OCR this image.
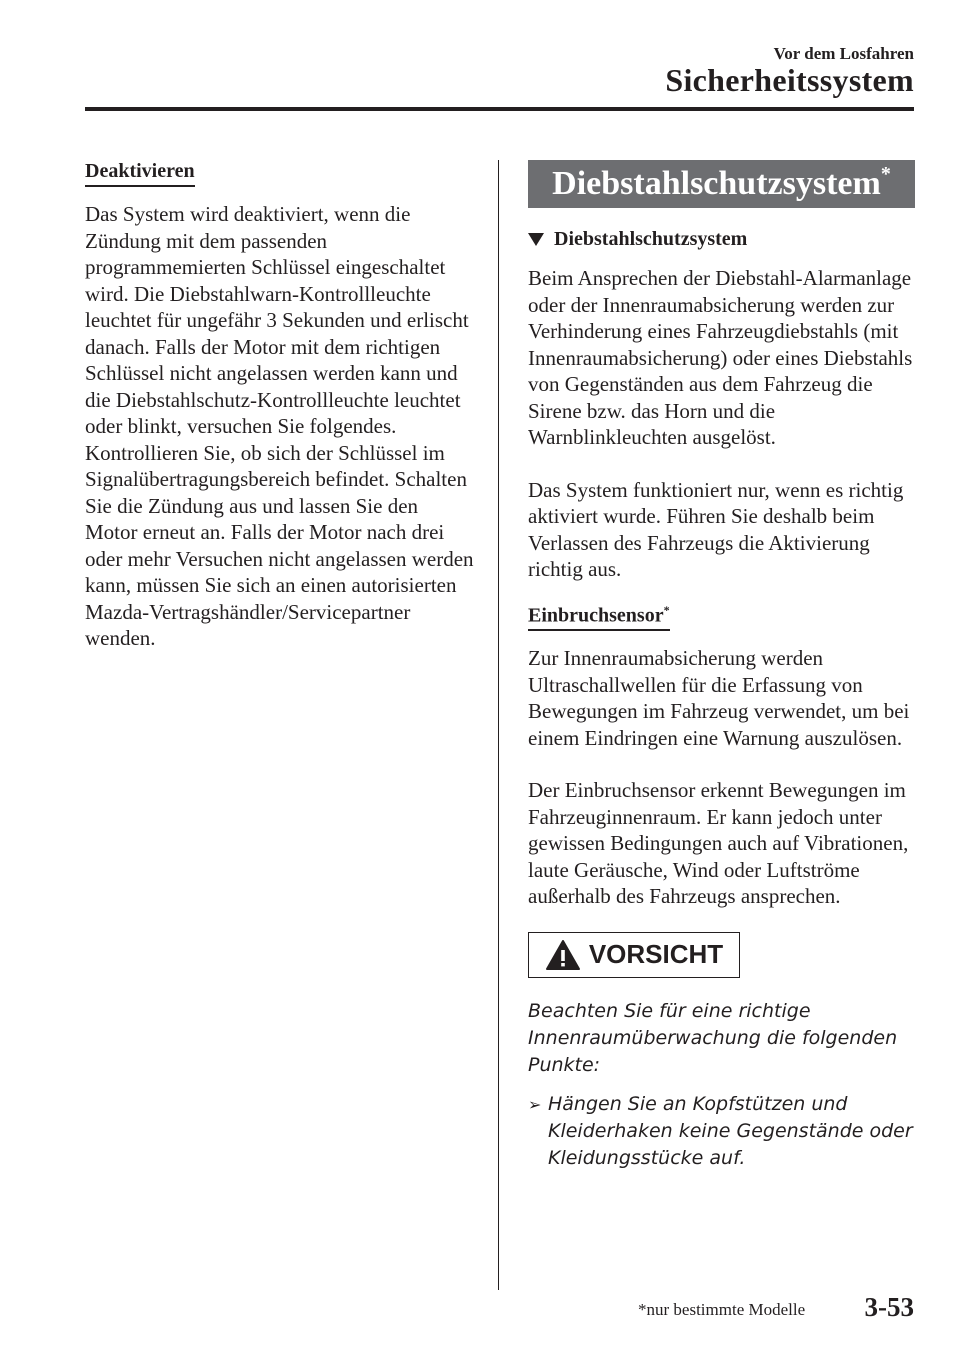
Vor dem Losfahren
Sicherheitssystem
Deaktivieren

Das System wird deaktiviert, wenn die Zündung mit dem passenden programmemierten Schlüssel eingeschaltet wird. Die Diebstahlwarn-Kontrollleuchte leuchtet für ungefähr 3 Sekunden und erlischt danach. Falls der Motor mit dem richtigen Schlüssel nicht angelassen werden kann und die Diebstahlschutz-Kontrollleuchte leuchtet oder blinkt, versuchen Sie folgendes. Kontrollieren Sie, ob sich der Schlüssel im Signalübertragungsbereich befindet. Schalten Sie die Zündung aus und lassen Sie den Motor erneut an. Falls der Motor nach drei oder mehr Versuchen nicht angelassen werden kann, müssen Sie sich an einen autorisierten Mazda-Vertragshändler/Servicepartner wenden.

Diebstahlschutzsystem*
Diebstahlschutzsystem

Beim Ansprechen der Diebstahl-Alarmanlage oder der Innenraumabsicherung werden zur Verhinderung eines Fahrzeugdiebstahls (mit Innenraumabsicherung) oder eines Diebstahls von Gegenständen aus dem Fahrzeug die Sirene bzw. das Horn und die Warnblinkleuchten ausgelöst.

Das System funktioniert nur, wenn es richtig aktiviert wurde. Führen Sie deshalb beim Verlassen des Fahrzeugs die Aktivierung richtig aus.

Einbruchsensor*

Zur Innenraumabsicherung werden Ultraschallwellen für die Erfassung von Bewegungen im Fahrzeug verwendet, um bei einem Eindringen eine Warnung auszulösen.

Der Einbruchsensor erkennt Bewegungen im Fahrzeuginnenraum. Er kann jedoch unter gewissen Bedingungen auch auf Vibrationen, laute Geräusche, Wind oder Luftströme außerhalb des Fahrzeugs ansprechen.

VORSICHT

Beachten Sie für eine richtige Innenraumüberwachung die folgenden Punkte:

➢ Hängen Sie an Kopfstützen und Kleiderhaken keine Gegenstände oder Kleidungsstücke auf.

*nur bestimmte Modelle 3-53
